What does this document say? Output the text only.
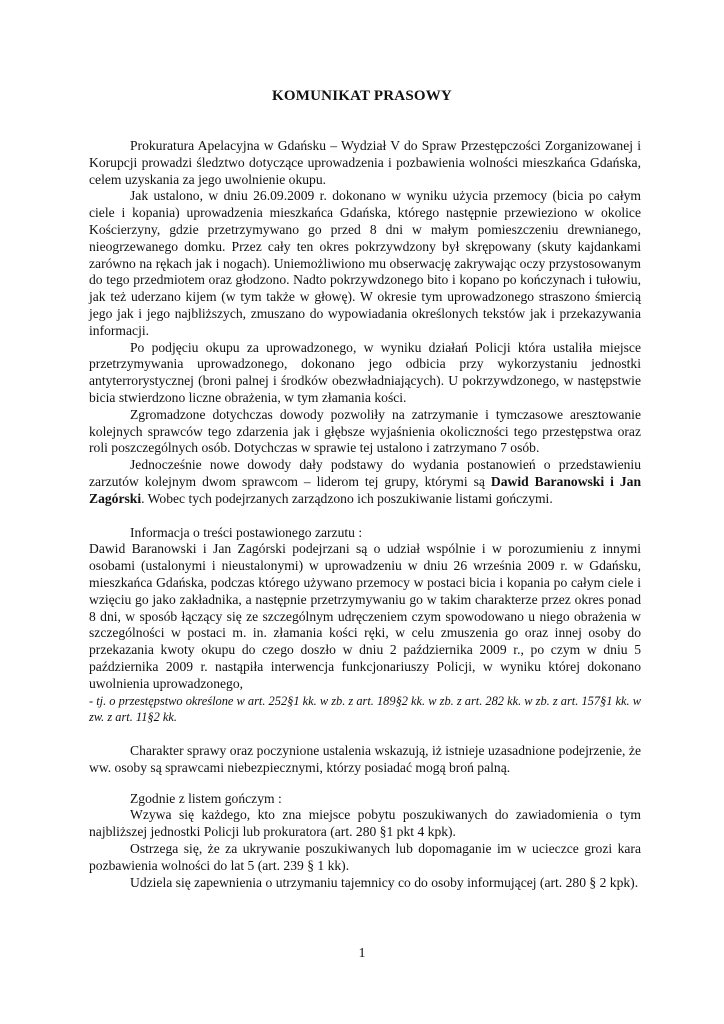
KOMUNIKAT PRASOWY

Prokuratura Apelacyjna w Gdańsku – Wydział V do Spraw Przestępczości Zorganizowanej i Korupcji prowadzi śledztwo dotyczące uprowadzenia i pozbawienia wolności mieszkańca Gdańska, celem uzyskania za jego uwolnienie okupu.

Jak ustalono, w dniu 26.09.2009 r. dokonano w wyniku użycia przemocy (bicia po całym ciele i kopania) uprowadzenia mieszkańca Gdańska, którego następnie przewieziono w okolice Kościerzyny, gdzie przetrzymywano go przed 8 dni w małym pomieszczeniu drewnianego, nieogrzewanego domku. Przez cały ten okres pokrzywdzony był skrępowany (skuty kajdankami zarówno na rękach jak i nogach). Uniemożliwiono mu obserwację zakrywając oczy przystosowanym do tego przedmiotem oraz głodzono. Nadto pokrzywdzonego bito i kopano po kończynach i tułowiu, jak też uderzano kijem (w tym także w głowę). W okresie tym uprowadzonego straszono śmiercią jego jak i jego najbliższych, zmuszano do wypowiadania określonych tekstów jak i przekazywania informacji.

Po podjęciu okupu za uprowadzonego, w wyniku działań Policji która ustaliła miejsce przetrzymywania uprowadzonego, dokonano jego odbicia przy wykorzystaniu jednostki antyterrorystycznej (broni palnej i środków obezwładniających). U pokrzywdzonego, w następstwie bicia stwierdzono liczne obrażenia, w tym złamania kości.

Zgromadzone dotychczas dowody pozwoliły na zatrzymanie i tymczasowe aresztowanie kolejnych sprawców tego zdarzenia jak i głębsze wyjaśnienia okoliczności tego przestępstwa oraz roli poszczególnych osób. Dotychczas w sprawie tej ustalono i zatrzymano 7 osób.

Jednocześnie nowe dowody dały podstawy do wydania postanowień o przedstawieniu zarzutów kolejnym dwom sprawcom – liderom tej grupy, którymi są Dawid Baranowski i Jan Zagórski. Wobec tych podejrzanych zarządzono ich poszukiwanie listami gończymi.

Informacja o treści postawionego zarzutu :

Dawid Baranowski i Jan Zagórski podejrzani są o udział wspólnie i w porozumieniu z innymi osobami (ustalonymi i nieustalonymi) w uprowadzeniu w dniu 26 września 2009 r. w Gdańsku, mieszkańca Gdańska, podczas którego używano przemocy w postaci bicia i kopania po całym ciele i wzięciu go jako zakładnika, a następnie przetrzymywaniu go w takim charakterze przez okres ponad 8 dni, w sposób łączący się ze szczególnym udręczeniem czym spowodowano u niego obrażenia w szczególności w postaci m. in. złamania kości ręki, w celu zmuszenia go oraz innej osoby do przekazania kwoty okupu do czego doszło w dniu 2 października 2009 r., po czym w dniu 5 października 2009 r. nastąpiła interwencja funkcjonariuszy Policji, w wyniku której dokonano uwolnienia uprowadzonego,

- tj. o przestępstwo określone w art. 252§1 kk. w zb. z art. 189§2 kk. w zb. z art. 282 kk. w zb. z art. 157§1 kk. w zw. z art. 11§2 kk.

Charakter sprawy oraz poczynione ustalenia wskazują, iż istnieje uzasadnione podejrzenie, że ww. osoby są sprawcami niebezpiecznymi, którzy posiadać mogą broń palną.

Zgodnie z listem gończym :

Wzywa się każdego, kto zna miejsce pobytu poszukiwanych do zawiadomienia o tym najbliższej jednostki Policji lub prokuratora (art. 280 §1 pkt 4 kpk).

Ostrzega się, że za ukrywanie poszukiwanych lub dopomaganie im w ucieczce grozi kara pozbawienia wolności do lat 5 (art. 239 § 1 kk).

Udziela się zapewnienia o utrzymaniu tajemnicy co do osoby informującej (art. 280 § 2 kpk).

1
